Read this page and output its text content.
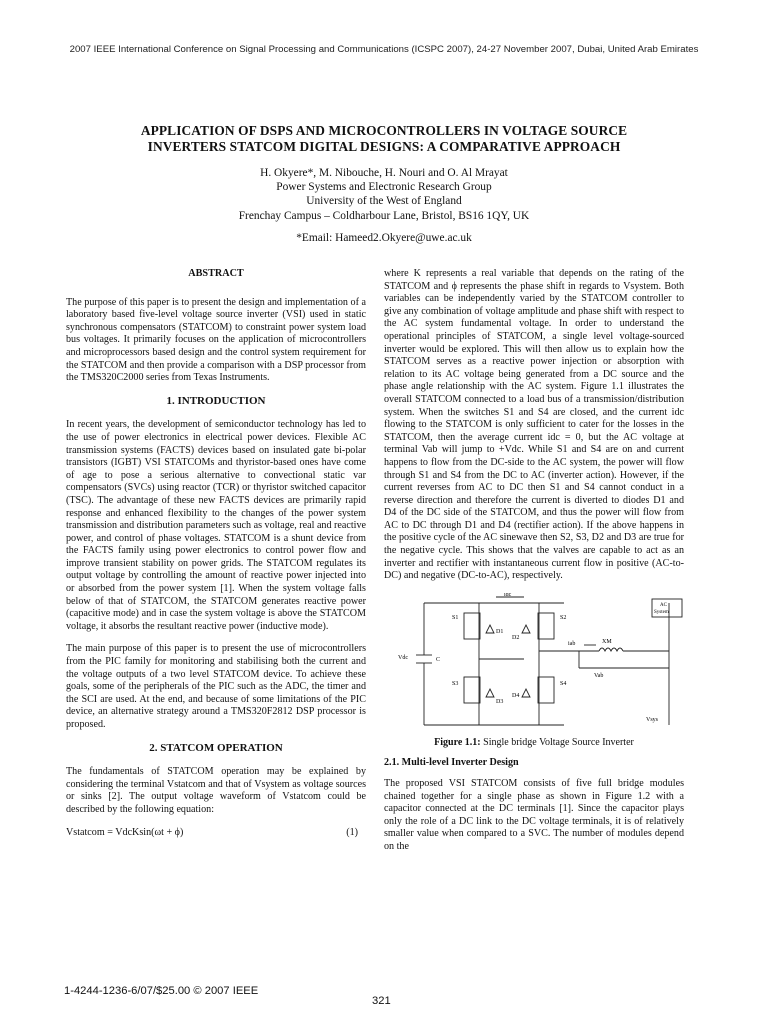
2007 IEEE International Conference on Signal Processing and Communications (ICSPC 2007), 24-27 November 2007, Dubai, United Arab Emirates
APPLICATION OF DSPS AND MICROCONTROLLERS IN VOLTAGE SOURCE
INVERTERS STATCOM DIGITAL DESIGNS: A COMPARATIVE APPROACH
H. Okyere*, M. Nibouche, H. Nouri and O. Al Mrayat
Power Systems and Electronic Research Group
University of the West of England
Frenchay Campus – Coldharbour Lane, Bristol, BS16 1QY, UK
*Email: Hameed2.Okyere@uwe.ac.uk
ABSTRACT

The purpose of this paper is to present the design and implementation of a laboratory based five-level voltage source inverter (VSI) used in static synchronous compensators (STATCOM) to constraint power system load bus voltages. It primarily focuses on the application of microcontrollers and microprocessors based design and the control system requirement for the STATCOM and then provide a comparison with a DSP processor from the TMS320C2000 series from Texas Instruments.

1. INTRODUCTION

In recent years, the development of semiconductor technology has led to the use of power electronics in electrical power devices. Flexible AC transmission systems (FACTS) devices based on insulated gate bi-polar transistors (IGBT) VSI STATCOMs and thyristor-based ones have come of age to pose a serious alternative to convectional static var compensators (SVCs) using reactor (TCR) or thyristor switched capacitor (TSC). The advantage of these new FACTS devices are primarily rapid response and enhanced flexibility to the changes of the power system transmission and distribution parameters such as voltage, real and reactive power, and control of phase voltages. STATCOM is a shunt device from the FACTS family using power electronics to control power flow and improve transient stability on power grids. The STATCOM regulates its output voltage by controlling the amount of reactive power injected into or absorbed from the power system [1]. When the system voltage falls below of that of STATCOM, the STATCOM generates reactive power (capacitive mode) and in case the system voltage is above the STATCOM voltage, it absorbs the resultant reactive power (inductive mode).

The main purpose of this paper is to present the use of microcontrollers from the PIC family for monitoring and stabilising both the current and the voltage outputs of a two level STATCOM device. To achieve these goals, some of the peripherals of the PIC such as the ADC, the timer and the SCI are used. At the end, and because of some limitations of the PIC device, an alternative strategy around a TMS320F2812 DSP processor is proposed.

2. STATCOM OPERATION

The fundamentals of STATCOM operation may be explained by considering the terminal Vstatcom and that of Vsystem as voltage sources or sinks [2]. The output voltage waveform of Vstatcom could be described by the following equation:

Vstatcom = VdcKsin(ωt + ϕ)	(1)

where K represents a real variable that depends on the rating of the STATCOM and ϕ represents the phase shift in regards to Vsystem. Both variables can be independently varied by the STATCOM controller to give any combination of voltage amplitude and phase shift with respect to the AC system fundamental voltage. In order to understand the operational principles of STATCOM, a single level voltage-sourced inverter would be explored. This will then allow us to explain how the STATCOM serves as a reactive power injection or absorption with relation to its AC voltage being generated from a DC source and the phase angle relationship with the AC system. Figure 1.1 illustrates the overall STATCOM connected to a load bus of a transmission/distribution system. When the switches S1 and S4 are closed, and the current idc flowing to the STATCOM is only sufficient to cater for the losses in the STATCOM, then the average current idc = 0, but the AC voltage at terminal Vab will jump to +Vdc. While S1 and S4 are on and current happens to flow from the DC-side to the AC system, the power will flow through S1 and S4 from the DC to AC (inverter action). However, if the current reverses from AC to DC then S1 and S4 cannot conduct in a reverse direction and therefore the current is diverted to diodes D1 and D4 of the DC side of the STATCOM, and thus the power will flow from AC to DC through D1 and D4 (rectifier action). If the above happens in the positive cycle of the AC sinewave then S2, S3, D2 and D3 are true for the negative cycle. This shows that the valves are capable to act as an inverter and rectifier with instantaneous current flow in positive (AC-to-DC) and negative (DC-to-AC), respectively.

idc
AC
System
S1	S2
S3	S4
D1
D2
D3
D4
Vdc	C
iab	XM
Vab
Vsys
Figure 1.1: Single bridge Voltage Source Inverter
2.1. Multi-level Inverter Design

The proposed VSI STATCOM consists of five full bridge modules chained together for a single phase as shown in Figure 1.2 with a capacitor connected at the DC terminals [1]. Since the capacitor plays only the role of a DC link to the DC voltage terminals, it is of relatively smaller value when compared to a SVC. The number of modules depend on the

1-4244-1236-6/07/$25.00 © 2007 IEEE
321
